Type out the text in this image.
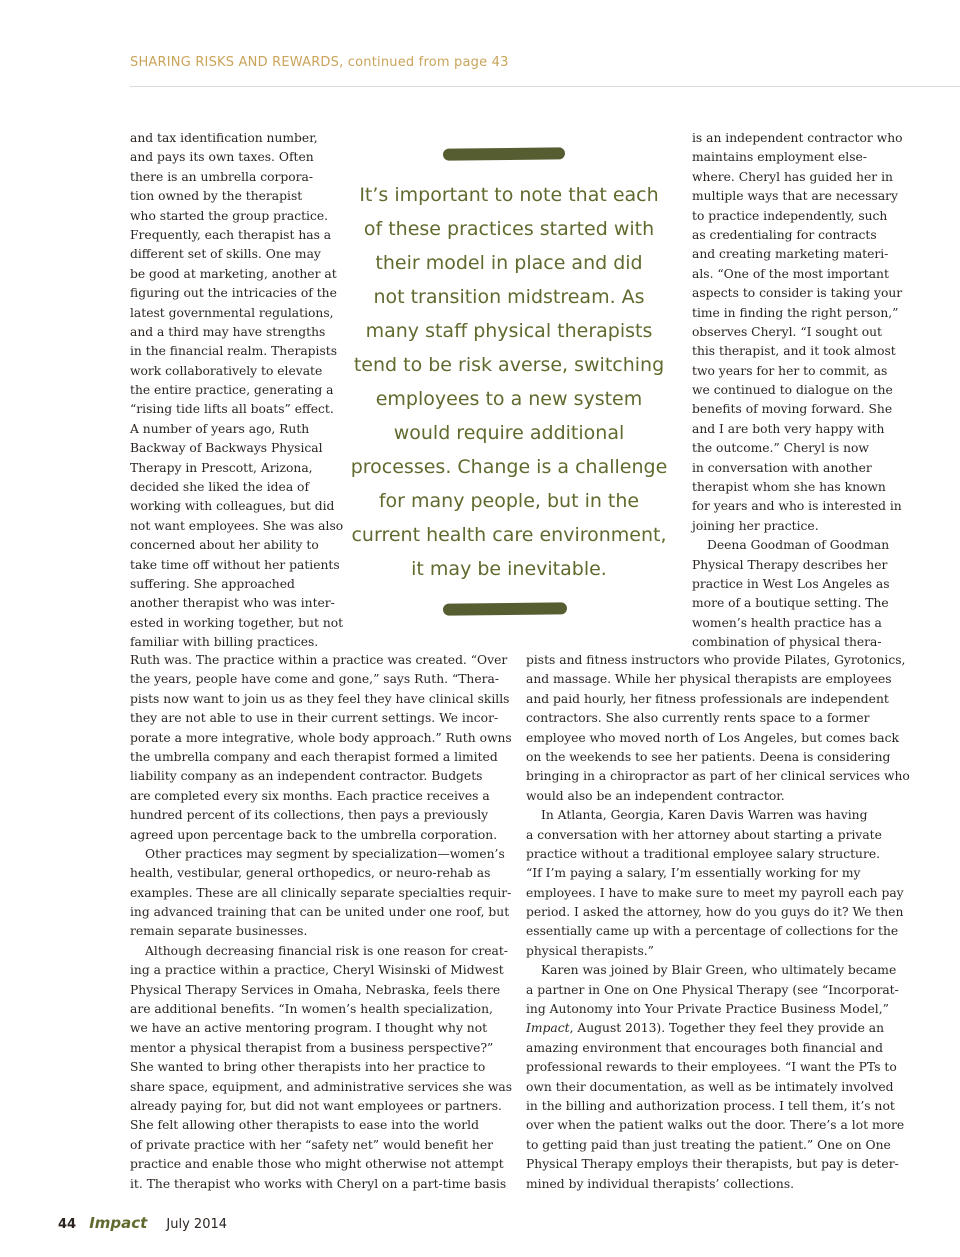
SHARING RISKS AND REWARDS, continued from page 43
and tax identification number,
and pays its own taxes. Often
there is an umbrella corpora-
tion owned by the therapist
who started the group practice.
Frequently, each therapist has a
different set of skills. One may
be good at marketing, another at
figuring out the intricacies of the
latest governmental regulations,
and a third may have strengths
in the financial realm. Therapists
work collaboratively to elevate
the entire practice, generating a
“rising tide lifts all boats” effect.
A number of years ago, Ruth
Backway of Backways Physical
Therapy in Prescott, Arizona,
decided she liked the idea of
working with colleagues, but did
not want employees. She was also
concerned about her ability to
take time off without her patients
suffering. She approached
another therapist who was inter-
ested in working together, but not
familiar with billing practices.
It’s important to note that each
of these practices started with
their model in place and did
not transition midstream. As
many staff physical therapists
tend to be risk averse, switching
employees to a new system
would require additional
processes. Change is a challenge
for many people, but in the
current health care environment,
it may be inevitable.
is an independent contractor who
maintains employment else-
where. Cheryl has guided her in
multiple ways that are necessary
to practice independently, such
as credentialing for contracts
and creating marketing materi-
als. “One of the most important
aspects to consider is taking your
time in finding the right person,”
observes Cheryl. “I sought out
this therapist, and it took almost
two years for her to commit, as
we continued to dialogue on the
benefits of moving forward. She
and I are both very happy with
the outcome.” Cheryl is now
in conversation with another
therapist whom she has known
for years and who is interested in
joining her practice.
Deena Goodman of Goodman
Physical Therapy describes her
practice in West Los Angeles as
more of a boutique setting. The
women’s health practice has a
combination of physical thera-
Ruth was. The practice within a practice was created. “Over
the years, people have come and gone,” says Ruth. “Thera-
pists now want to join us as they feel they have clinical skills
they are not able to use in their current settings. We incor-
porate a more integrative, whole body approach.” Ruth owns
the umbrella company and each therapist formed a limited
liability company as an independent contractor. Budgets
are completed every six months. Each practice receives a
hundred percent of its collections, then pays a previously
agreed upon percentage back to the umbrella corporation.
Other practices may segment by specialization—women’s
health, vestibular, general orthopedics, or neuro-rehab as
examples. These are all clinically separate specialties requir-
ing advanced training that can be united under one roof, but
remain separate businesses.
Although decreasing financial risk is one reason for creat-
ing a practice within a practice, Cheryl Wisinski of Midwest
Physical Therapy Services in Omaha, Nebraska, feels there
are additional benefits. “In women’s health specialization,
we have an active mentoring program. I thought why not
mentor a physical therapist from a business perspective?”
She wanted to bring other therapists into her practice to
share space, equipment, and administrative services she was
already paying for, but did not want employees or partners.
She felt allowing other therapists to ease into the world
of private practice with her “safety net” would benefit her
practice and enable those who might otherwise not attempt
it. The therapist who works with Cheryl on a part-time basis
pists and fitness instructors who provide Pilates, Gyrotonics,
and massage. While her physical therapists are employees
and paid hourly, her fitness professionals are independent
contractors. She also currently rents space to a former
employee who moved north of Los Angeles, but comes back
on the weekends to see her patients. Deena is considering
bringing in a chiropractor as part of her clinical services who
would also be an independent contractor.
In Atlanta, Georgia, Karen Davis Warren was having
a conversation with her attorney about starting a private
practice without a traditional employee salary structure.
“If I’m paying a salary, I’m essentially working for my
employees. I have to make sure to meet my payroll each pay
period. I asked the attorney, how do you guys do it? We then
essentially came up with a percentage of collections for the
physical therapists.”
Karen was joined by Blair Green, who ultimately became
a partner in One on One Physical Therapy (see “Incorporat-
ing Autonomy into Your Private Practice Business Model,”
Impact, August 2013). Together they feel they provide an
amazing environment that encourages both financial and
professional rewards to their employees. “I want the PTs to
own their documentation, as well as be intimately involved
in the billing and authorization process. I tell them, it’s not
over when the patient walks out the door. There’s a lot more
to getting paid than just treating the patient.” One on One
Physical Therapy employs their therapists, but pay is deter-
mined by individual therapists’ collections.
44 Impact July 2014
